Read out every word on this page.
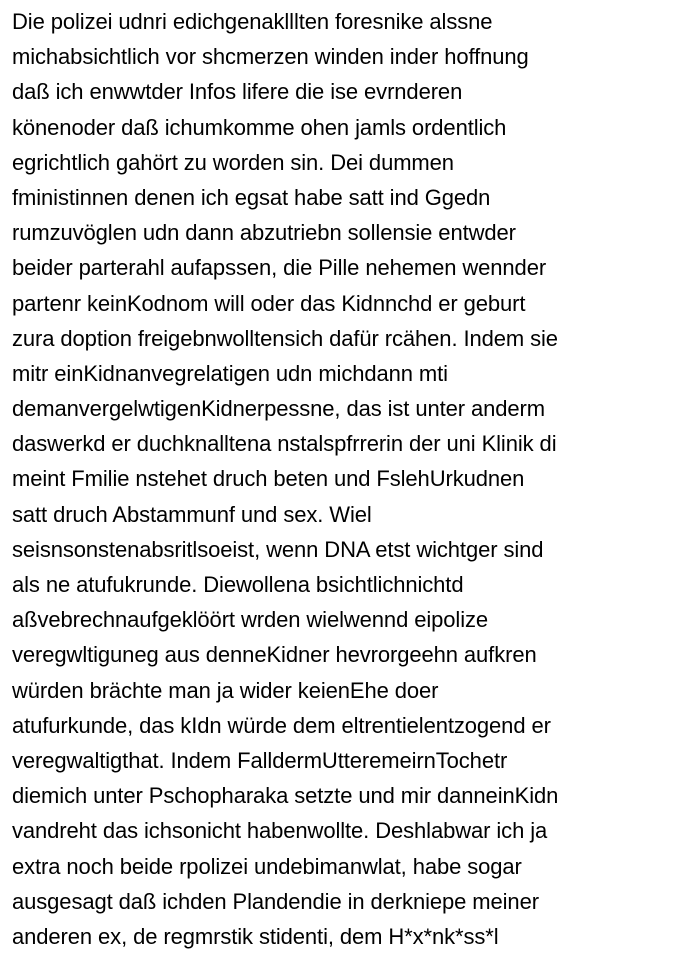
Die polizei udnri edichgenaklllten foresnike alssne
michabsichtlich vor shcmerzen winden inder hoffnung
daß ich enwwtder Infos lifere die ise evrnderen
könenoder daß ichumkomme ohen jamls ordentlich
egrichtlich gahört zu worden sin. Dei dummen
fministinnen denen ich egsat habe satt ind Ggedn
rumzuvöglen udn dann abzutriebn sollensie entwder
beider parterahl aufapssen, die Pille nehemen wennder
partenr keinKodnom will oder das Kidnnchd er geburt
zura doption freigebnwolltensich dafür rcähen. Indem sie
mitr einKidnanvegrelatigen udn michdann mti
demanvergelwtigenKidnerpessne, das ist unter anderm
daswerkd er duchknalltena nstalspfrrerin der uni Klinik di
meint Fmilie nstehet druch beten und FslehUrkudnen
satt druch Abstammunf und sex. Wiel
seisnsonstenabsritlsoeist, wenn DNA etst wichtger sind
als ne atufukrunde. Diewollena bsichtlichnichtd
aßvebrechnaufgeklöört wrden wielwennd eipolize
veregwltiguneg aus denneKidner hevrorgeehn aufkren
würden brächte man ja wider keienEhe doer
atufurkunde, das kIdn würde dem eltrentielentzogend er
veregwaltigthat. Indem FalldermUtteremeirnTochetr
diemich unter Pschopharaka setzte und mir danneinKidn
vandreht das ichsonicht habenwollte. Deshlabwar ich ja
extra noch beide rpolizei undebimanwlat, habe sogar
ausgesagt daß ichden Plandendie in derkniepe meiner
anderen ex, de regmrstik stidenti, dem H*x*nk*ss*l
